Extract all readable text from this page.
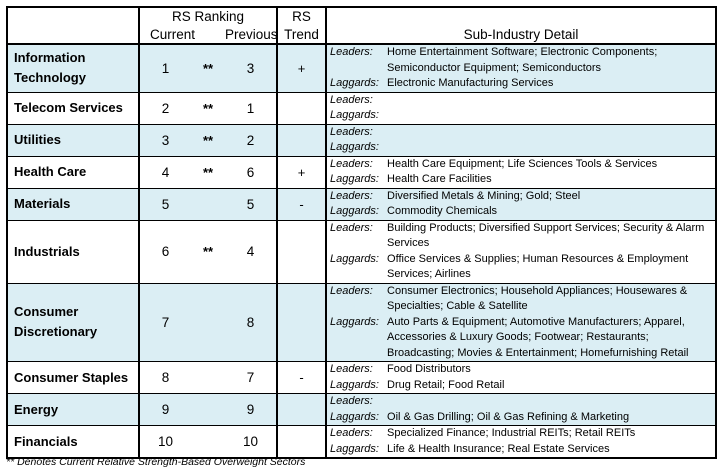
	RS Ranking			RS	
	Current		Previous	Trend	Sub-Industry Detail
Information Technology	1	**	3	+	Leaders: Home Entertainment Software; Electronic Components; Semiconductor Equipment; Semiconductors
Laggards: Electronic Manufacturing Services

Telecom Services	2	**	1		Leaders:
Laggards:

Utilities	3	**	2		Leaders:
Laggards:

Health Care	4	**	6	+	Leaders: Health Care Equipment; Life Sciences Tools & Services
Laggards: Health Care Facilities

Materials	5		5	-	Leaders: Diversified Metals & Mining; Gold; Steel
Laggards: Commodity Chemicals

Industrials	6	**	4		Leaders: Building Products; Diversified Support Services; Security & Alarm Services
Laggards: Office Services & Supplies; Human Resources & Employment Services; Airlines

Consumer Discretionary	7		8		Leaders: Consumer Electronics; Household Appliances; Housewares & Specialties; Cable & Satellite
Laggards: Auto Parts & Equipment; Automotive Manufacturers; Apparel, Accessories & Luxury Goods; Footwear; Restaurants; Broadcasting; Movies & Entertainment; Homefurnishing Retail

Consumer Staples	8		7	-	Leaders: Food Distributors
Laggards: Drug Retail; Food Retail

Energy	9		9		Leaders:
Laggards: Oil & Gas Drilling; Oil & Gas Refining & Marketing

Financials	10		10		Leaders: Specialized Finance; Industrial REITs; Retail REITs
Laggards: Life & Health Insurance; Real Estate Services
** Denotes Current Relative Strength-Based Overweight Sectors
